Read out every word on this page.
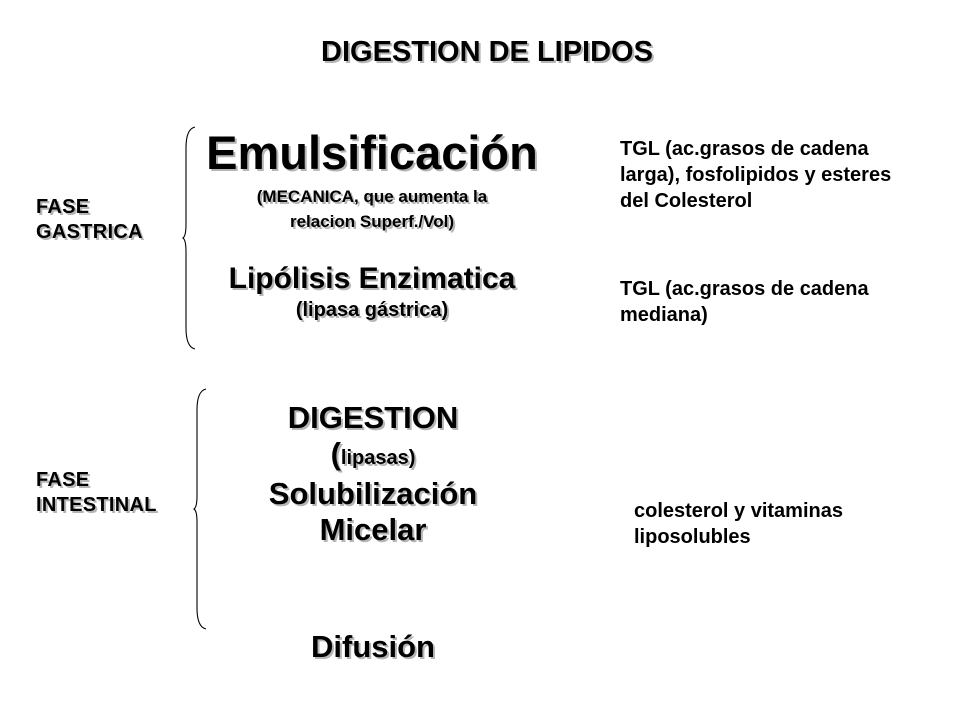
DIGESTION DE LIPIDOS
FASE
GASTRICA
Emulsificación
(MECANICA, que aumenta la
relacion Superf./Vol)
Lipólisis Enzimatica
(lipasa gástrica)
TGL (ac.grasos de cadena
larga), fosfolipidos y esteres
del Colesterol
TGL (ac.grasos de cadena
mediana)
FASE
INTESTINAL
DIGESTION
(lipasas)
Solubilización
Micelar
Difusión
colesterol y vitaminas
liposolubles
